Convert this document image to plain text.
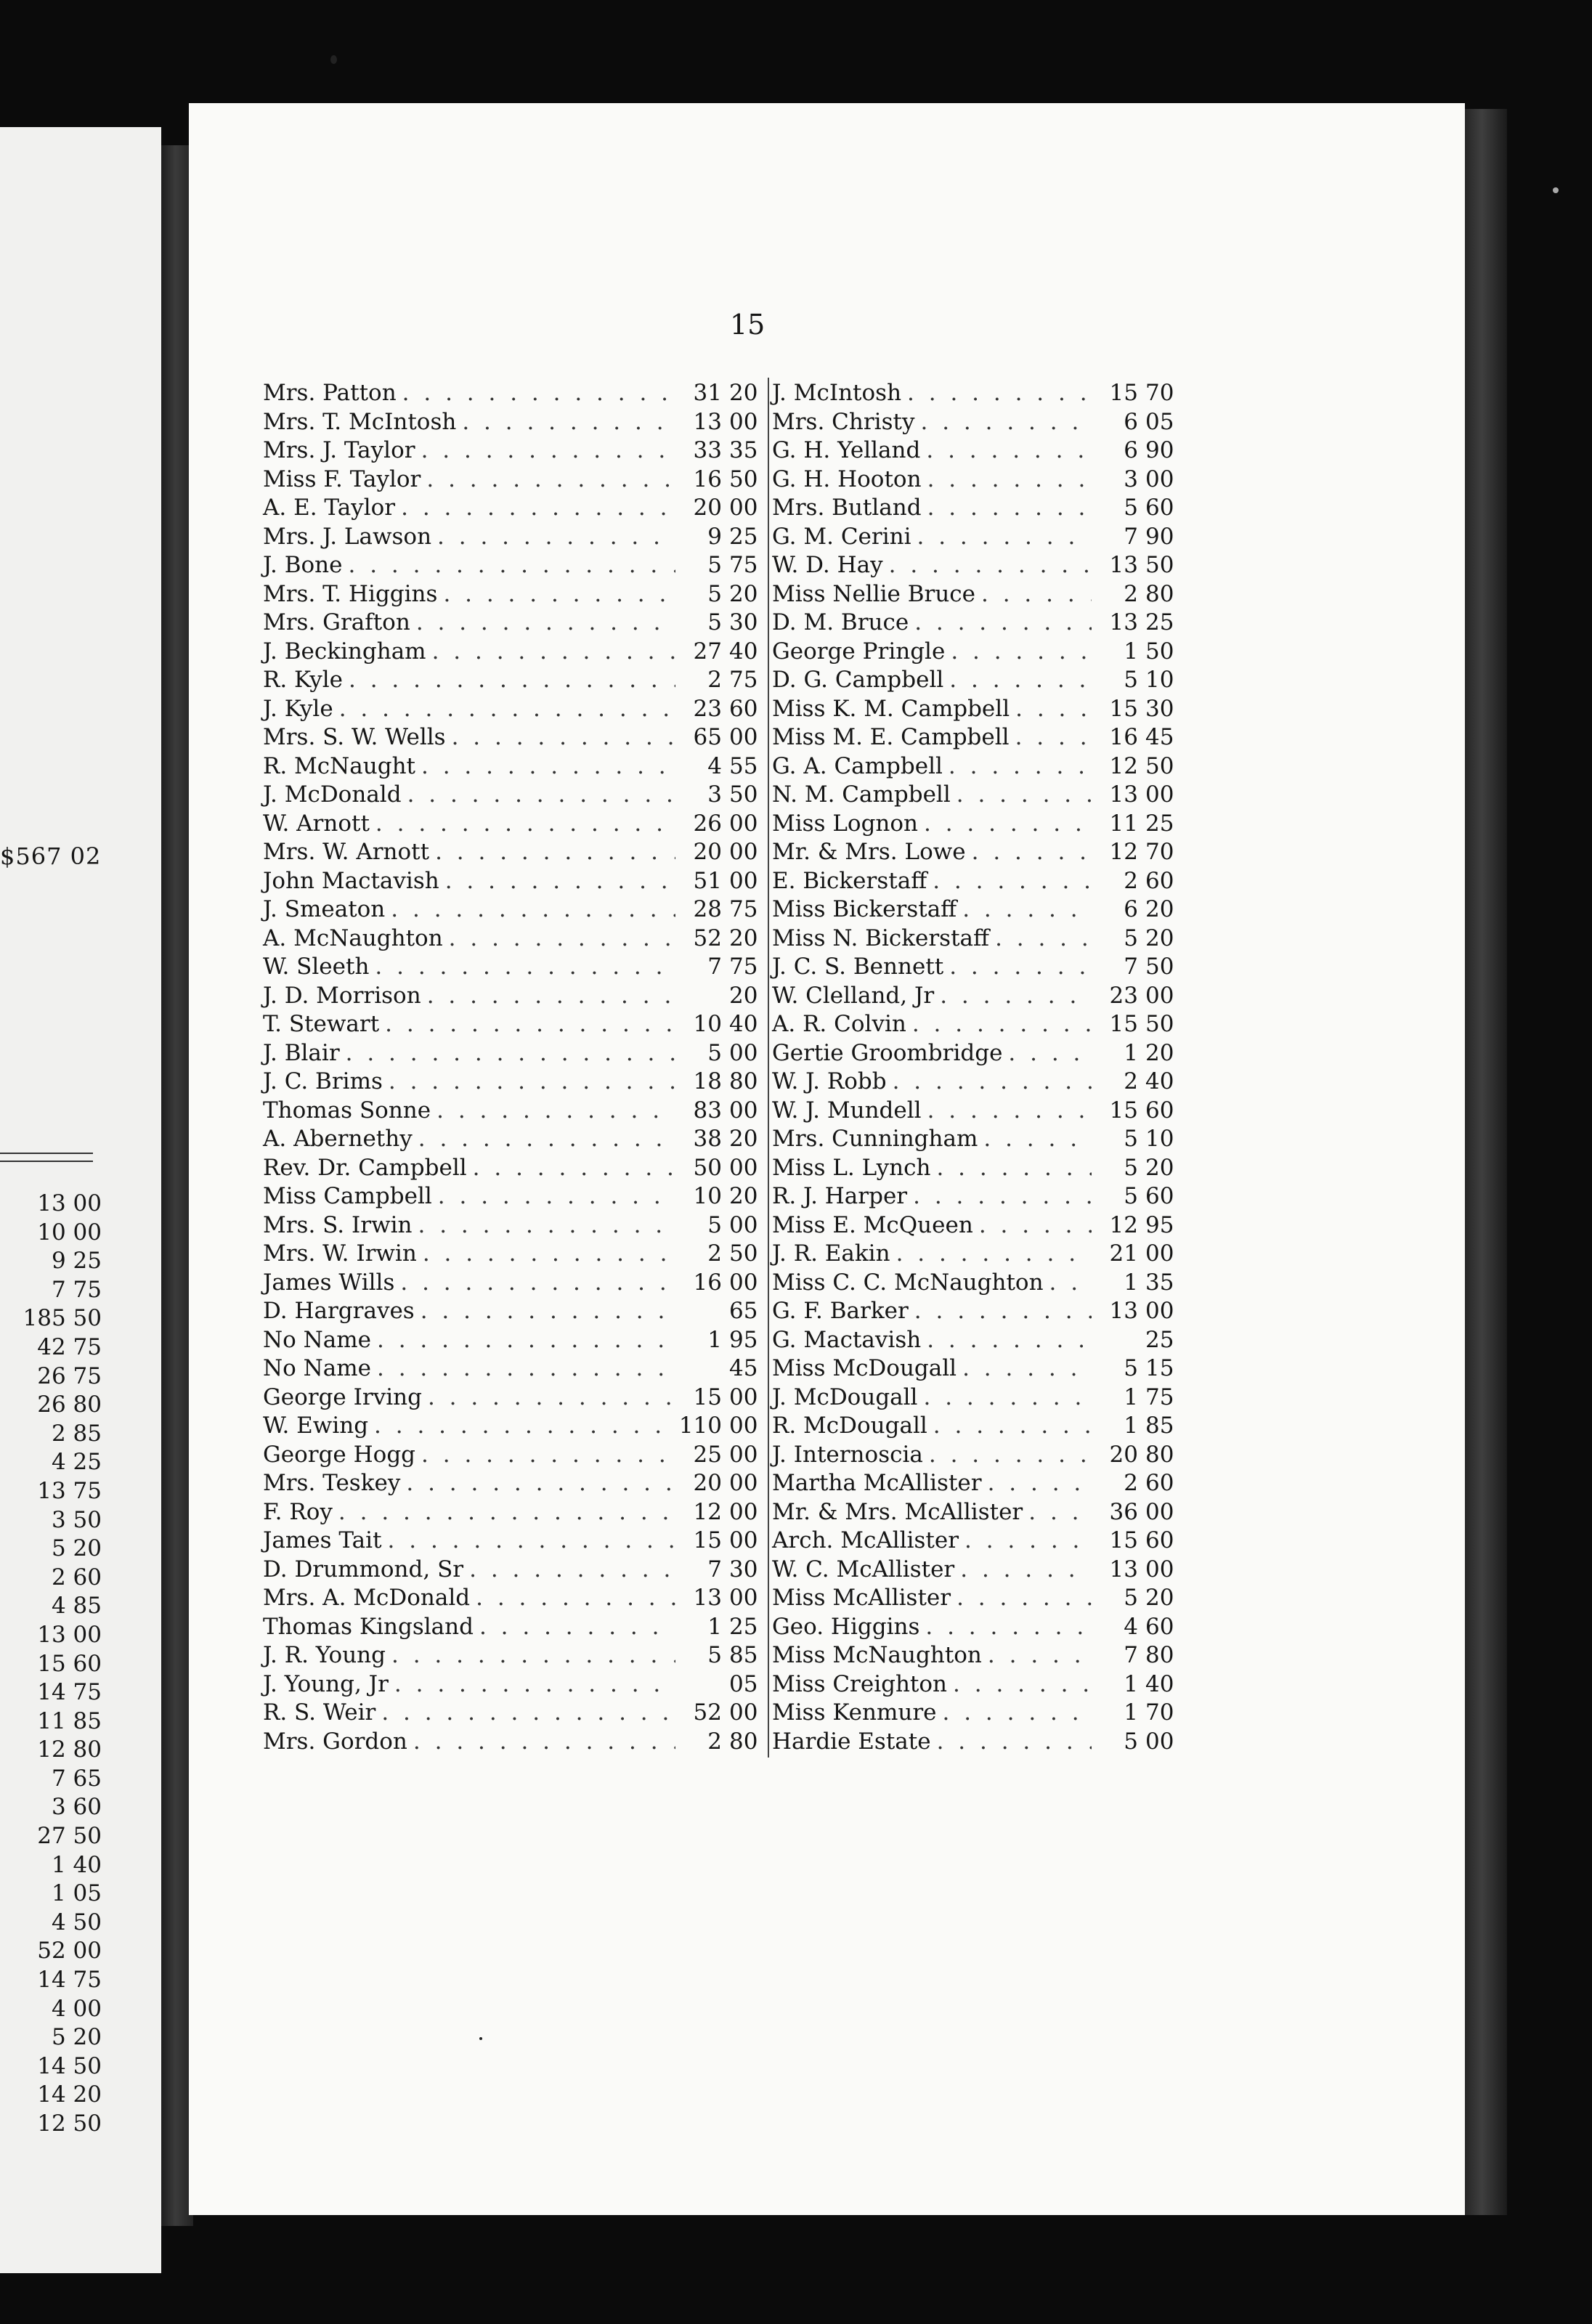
$567 02
13 00
10 00
9 25
7 75
185 50
42 75
26 75
26 80
2 85
4 25
13 75
3 50
5 20
2 60
4 85
13 00
15 60
14 75
11 85
12 80
7 65
3 60
27 50
1 40
1 05
4 50
52 00
14 75
4 00
5 20
14 50
14 20
12 50
15
Mrs. Patton . . .	31 20
Mrs. T. McIntosh . . .	13 00
Mrs. J. Taylor . . .	33 35
Miss F. Taylor . . .	16 50
A. E. Taylor . . .	20 00
Mrs. J. Lawson . . .	9 25
J. Bone . . .	5 75
Mrs. T. Higgins . . .	5 20
Mrs. Grafton . . .	5 30
J. Beckingham . . .	27 40
R. Kyle . . .	2 75
J. Kyle . . .	23 60
Mrs. S. W. Wells . . .	65 00
R. McNaught . . .	4 55
J. McDonald . . .	3 50
W. Arnott . . .	26 00
Mrs. W. Arnott . . .	20 00
John Mactavish . . .	51 00
J. Smeaton . . .	28 75
A. McNaughton . . .	52 20
W. Sleeth . . .	7 75
J. D. Morrison . . .	20
T. Stewart . . .	10 40
J. Blair . . .	5 00
J. C. Brims . . .	18 80
Thomas Sonne . . .	83 00
A. Abernethy . . .	38 20
Rev. Dr. Campbell . . .	50 00
Miss Campbell . . .	10 20
Mrs. S. Irwin . . .	5 00
Mrs. W. Irwin . . .	2 50
James Wills . . .	16 00
D. Hargraves . . .	65
No Name . . .	1 95
No Name . . .	45
George Irving . . .	15 00
W. Ewing . . .	110 00
George Hogg . . .	25 00
Mrs. Teskey . . .	20 00
F. Roy . . .	12 00
James Tait . . .	15 00
D. Drummond, Sr . . .	7 30
Mrs. A. McDonald . . .	13 00
Thomas Kingsland . . .	1 25
J. R. Young . . .	5 85
J. Young, Jr . . .	05
R. S. Weir . . .	52 00
Mrs. Gordon . . .	2 80
J. McIntosh . . .	15 70
Mrs. Christy . . .	6 05
G. H. Yelland . . .	6 90
G. H. Hooton . . .	3 00
Mrs. Butland . . .	5 60
G. M. Cerini . . .	7 90
W. D. Hay . . .	13 50
Miss Nellie Bruce . . .	2 80
D. M. Bruce . . .	13 25
George Pringle . . .	1 50
D. G. Campbell . . .	5 10
Miss K. M. Campbell . . .	15 30
Miss M. E. Campbell . . .	16 45
G. A. Campbell . . .	12 50
N. M. Campbell . . .	13 00
Miss Lognon . . .	11 25
Mr. & Mrs. Lowe . . .	12 70
E. Bickerstaff . . .	2 60
Miss Bickerstaff . . .	6 20
Miss N. Bickerstaff . . .	5 20
J. C. S. Bennett . . .	7 50
W. Clelland, Jr . . .	23 00
A. R. Colvin . . .	15 50
Gertie Groombridge . . .	1 20
W. J. Robb . . .	2 40
W. J. Mundell . . .	15 60
Mrs. Cunningham . . .	5 10
Miss L. Lynch . . .	5 20
R. J. Harper . . .	5 60
Miss E. McQueen . . .	12 95
J. R. Eakin . . .	21 00
Miss C. C. McNaughton . . .	1 35
G. F. Barker . . .	13 00
G. Mactavish . . .	25
Miss McDougall . . .	5 15
J. McDougall . . .	1 75
R. McDougall . . .	1 85
J. Internoscia . . .	20 80
Martha McAllister . . .	2 60
Mr. & Mrs. McAllister . . .	36 00
Arch. McAllister . . .	15 60
W. C. McAllister . . .	13 00
Miss McAllister . . .	5 20
Geo. Higgins . . .	4 60
Miss McNaughton . . .	7 80
Miss Creighton . . .	1 40
Miss Kenmure . . .	1 70
Hardie Estate . . .	5 00
